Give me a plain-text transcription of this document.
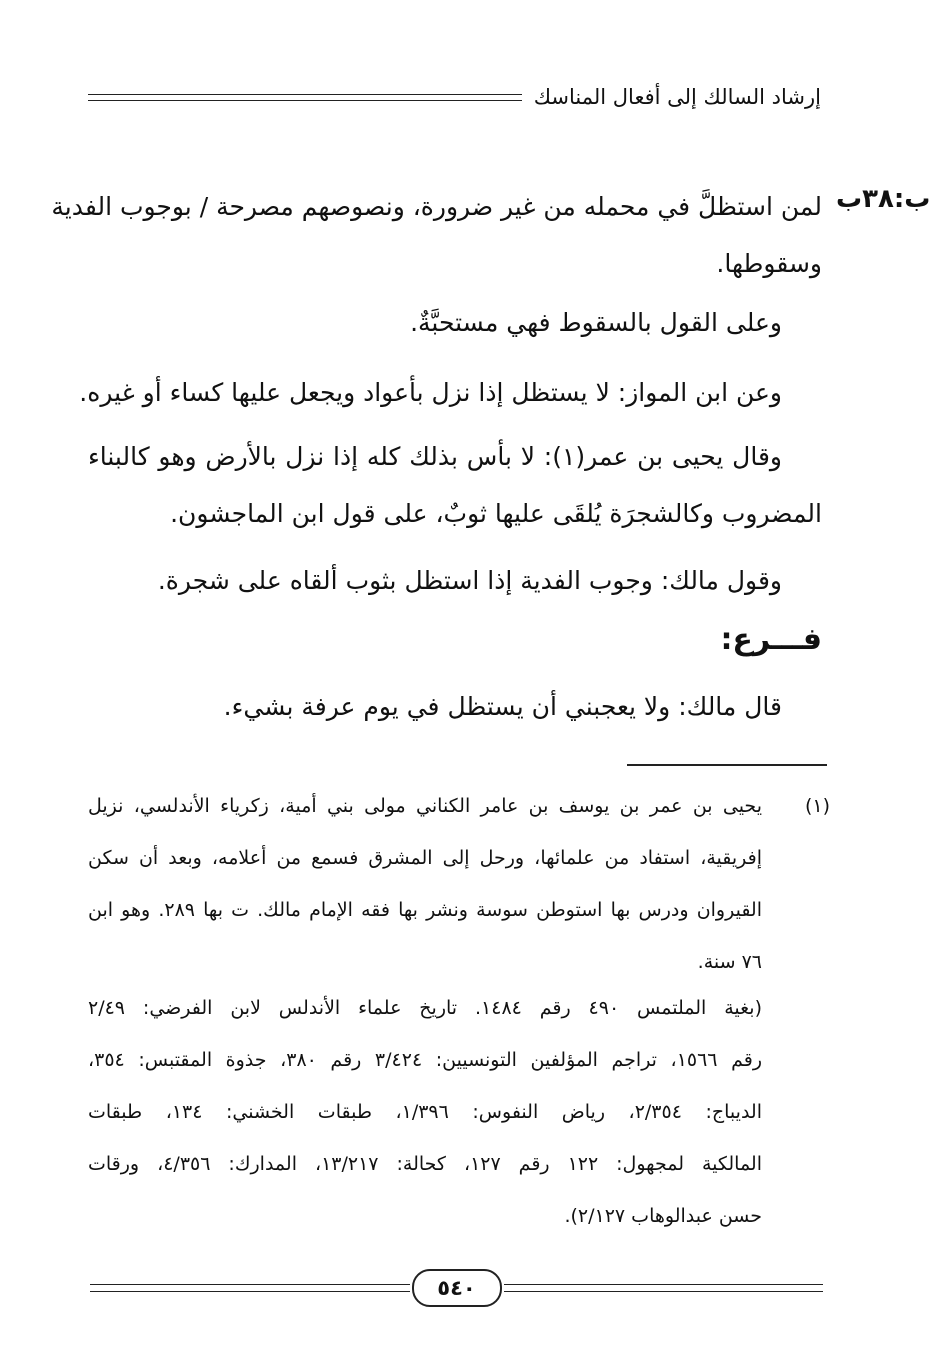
إرشاد السالك إلى أفعال المناسك
ب:٣٨ب
لمن استظلَّ في محمله من غير ضرورة، ونصوصهم مصرحة / بوجوب الفدية
وسقوطها.
وعلى القول بالسقوط فهي مستحبَّةٌ.
وعن ابن المواز: لا يستظل إذا نزل بأعواد ويجعل عليها كساء أو غيره.
وقال يحيى بن عمر(١): لا بأس بذلك كله إذا نزل بالأرض وهو كالبناء
المضروب وكالشجرَة يُلقَى عليها ثوبٌ، على قول ابن الماجشون.
وقول مالك: وجوب الفدية إذا استظل بثوب ألقاه على شجرة.
فـــرع:
قال مالك: ولا يعجبني أن يستظل في يوم عرفة بشيء.
(١)
يحيى بن عمر بن يوسف بن عامر الكناني مولى بني أمية، زكرياء الأندلسي، نزيل
إفريقية، استفاد من علمائها، ورحل إلى المشرق فسمع من أعلامه، وبعد أن سكن
القيروان ودرس بها استوطن سوسة ونشر بها فقه الإمام مالك. ت بها ٢٨٩. وهو ابن
٧٦ سنة.
(بغية الملتمس ٤٩٠ رقم ١٤٨٤. تاريخ علماء الأندلس لابن الفرضي: ٢/٤٩
رقم ١٥٦٦، تراجم المؤلفين التونسيين: ٣/٤٢٤ رقم ٣٨٠، جذوة المقتبس: ٣٥٤،
الديباج: ٢/٣٥٤، رياض النفوس: ١/٣٩٦، طبقات الخشني: ١٣٤، طبقات
المالكية لمجهول: ١٢٢ رقم ١٢٧، كحالة: ١٣/٢١٧، المدارك: ٤/٣٥٦، ورقات
حسن عبدالوهاب ٢/١٢٧).
٥٤٠
